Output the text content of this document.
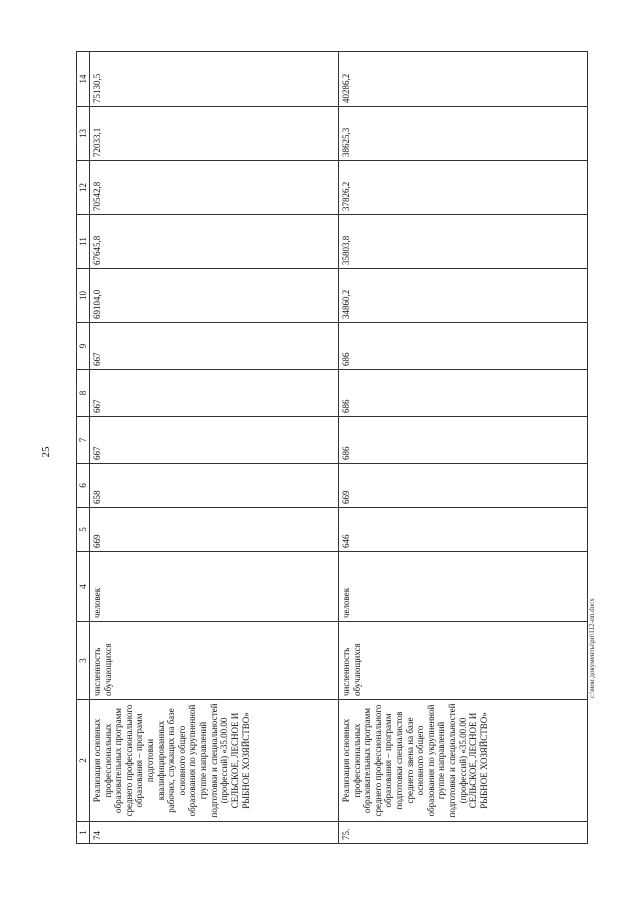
25
1	2	3	4	5	6	7	8	9	10	11	12	13	14
74	Реализация основных профессиональных образовательных программ среднего профессионального образования – программ подготовки квалифицированных рабочих, служащих на базе основного общего образования по укрупненной группе направлений подготовки и специальностей (профессий) «35.00.00 СЕЛЬСКОЕ, ЛЕСНОЕ И РЫБНОЕ ХОЗЯЙСТВО»	численность обучающихся	человек	669	658	667	667	667	69104,0	67645,8	70542,8	72033,1	75130,5
75.	Реализация основных профессиональных образовательных программ среднего профессионального образования – программ подготовки специалистов среднего звена на базе основного общего образования по укрупненной группе направлений подготовки и специальностей (профессий) «35.00.00 СЕЛЬСКОЕ, ЛЕСНОЕ И РЫБНОЕ ХОЗЯЙСТВО»	численность обучающихся	человек	646	669	686	686	686	34860,2	35803,8	37826,2	38625,3	40286,2
c:\мои документы\рп\112-пп.docx
